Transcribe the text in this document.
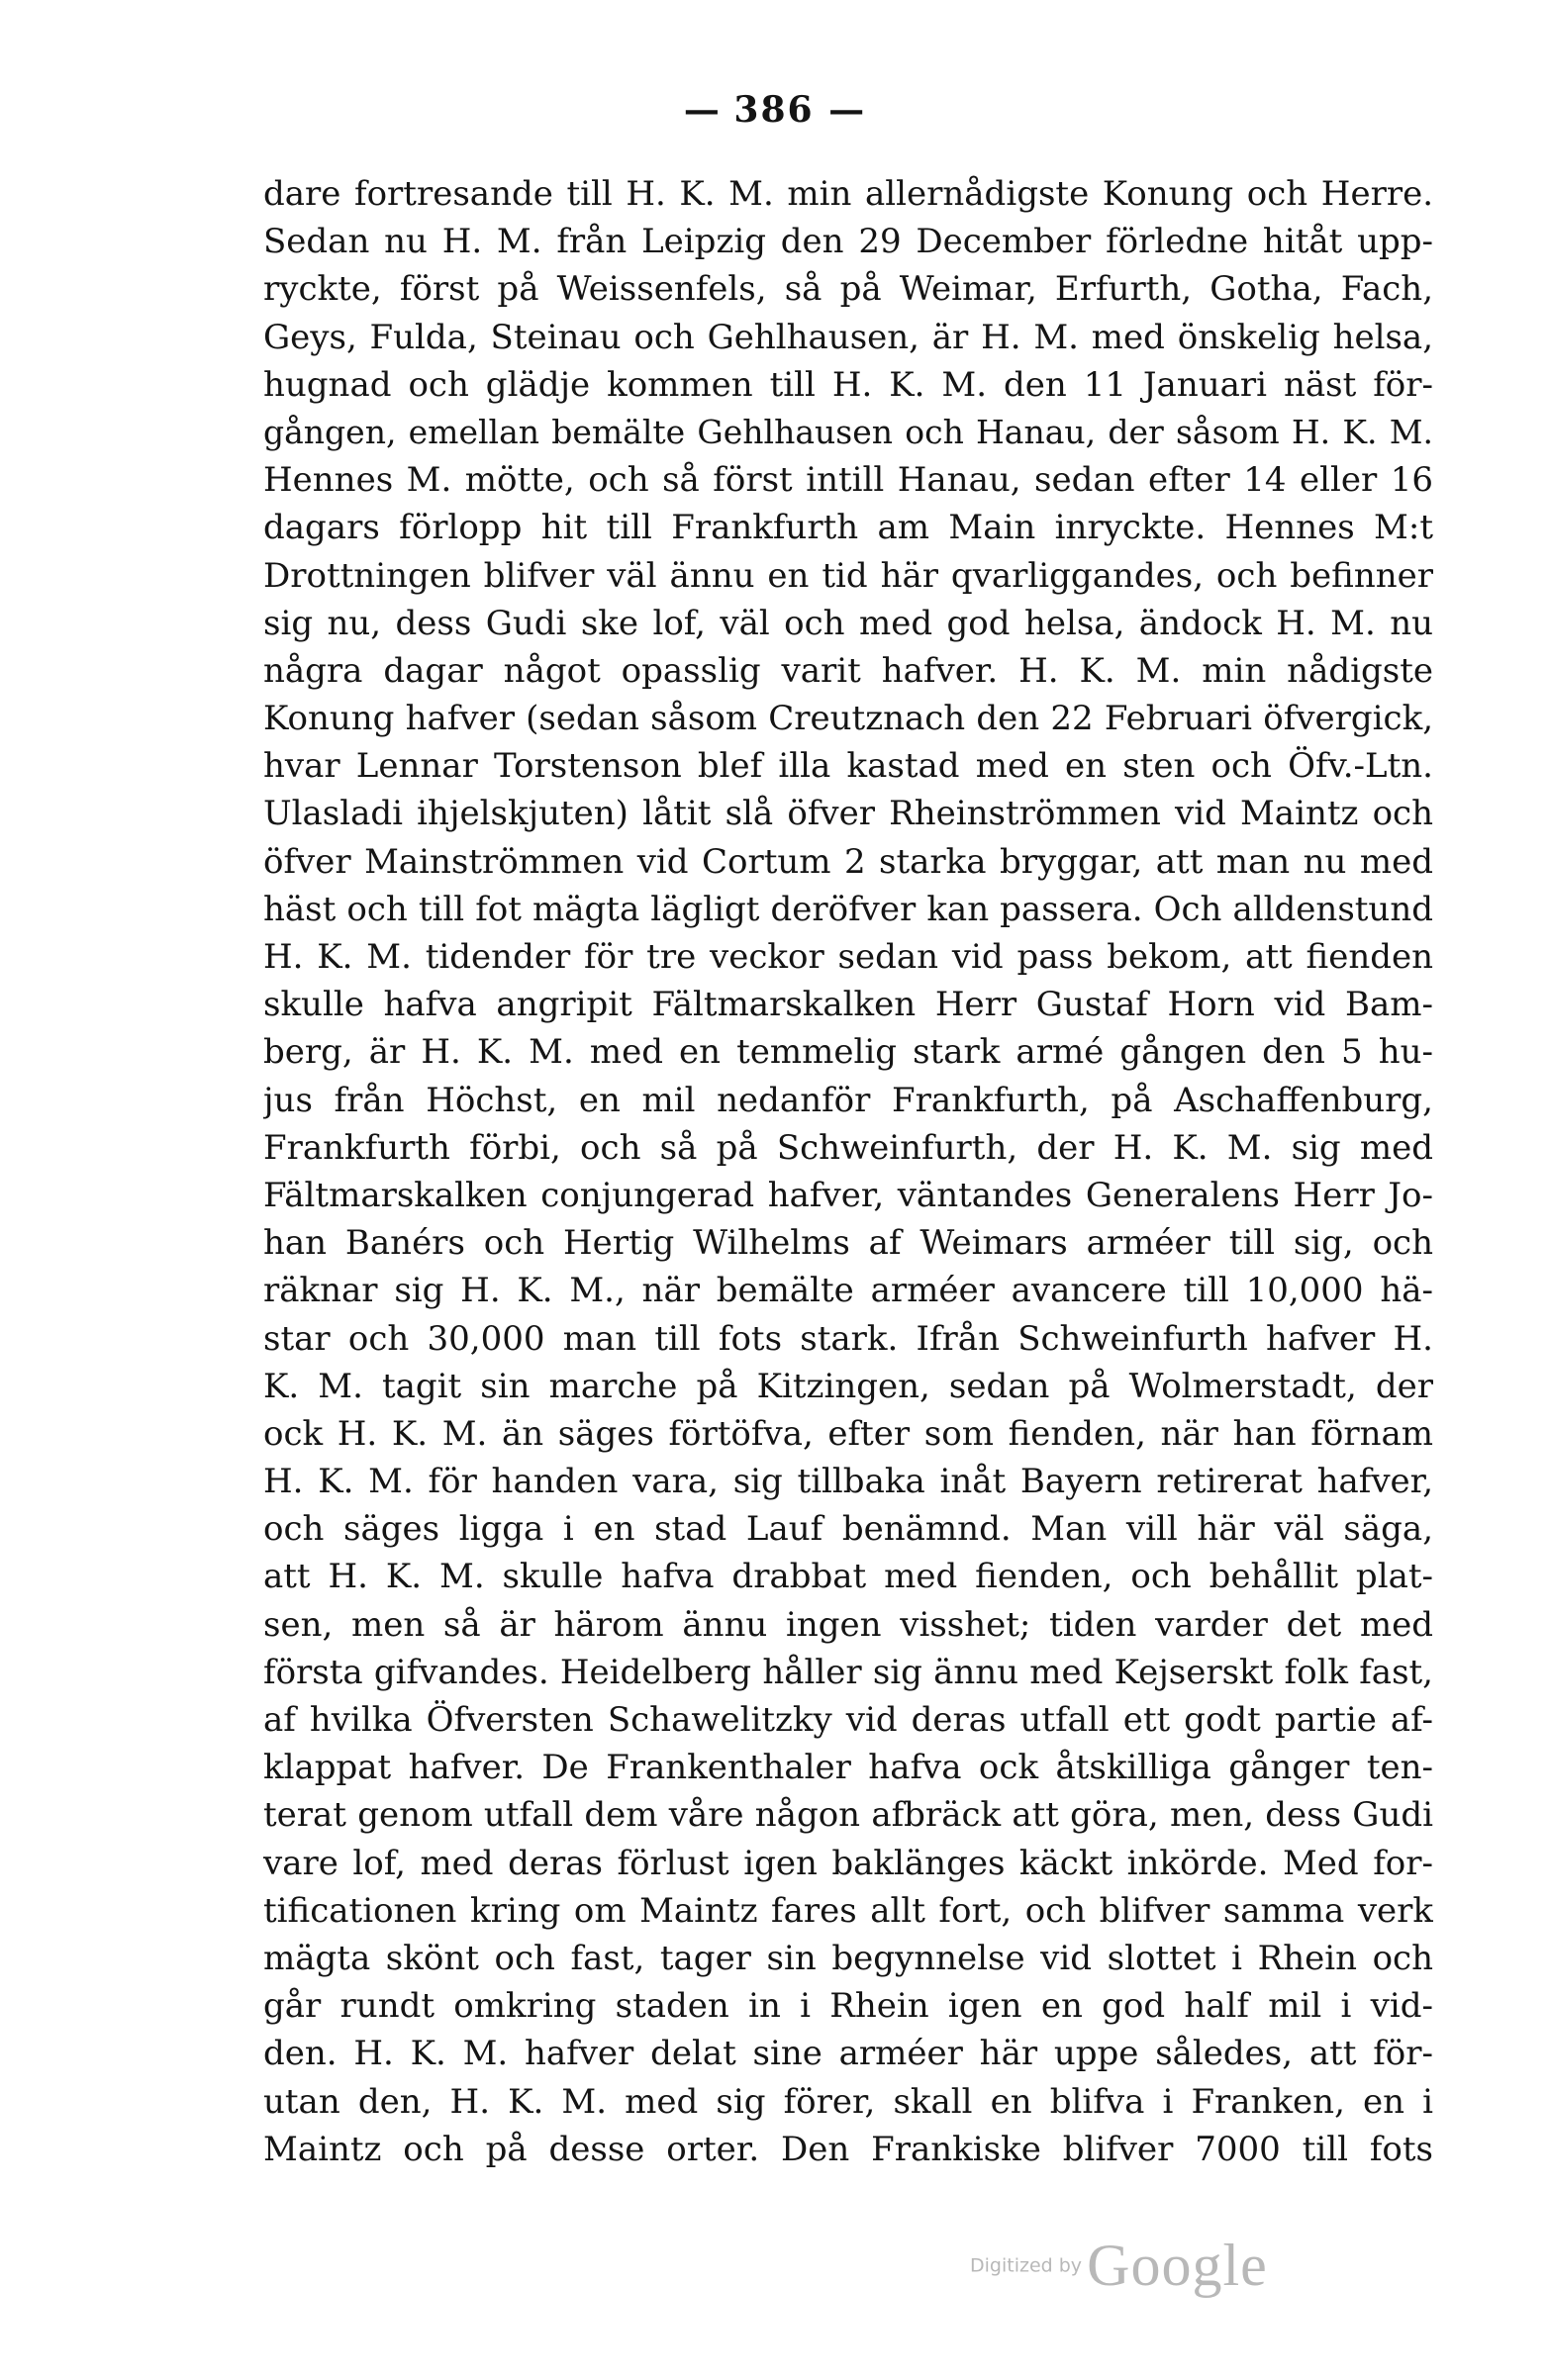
— 386 —
dare fortresande till H. K. M. min allernådigste Konung och Herre.
Sedan nu H. M. från Leipzig den 29 December förledne hitåt upp-
ryckte, först på Weissenfels, så på Weimar, Erfurth, Gotha, Fach,
Geys, Fulda, Steinau och Gehlhausen, är H. M. med önskelig helsa,
hugnad och glädje kommen till H. K. M. den 11 Januari näst för-
gången, emellan bemälte Gehlhausen och Hanau, der såsom H. K. M.
Hennes M. mötte, och så först intill Hanau, sedan efter 14 eller 16
dagars förlopp hit till Frankfurth am Main inryckte. Hennes M:t
Drottningen blifver väl ännu en tid här qvarliggandes, och befinner
sig nu, dess Gudi ske lof, väl och med god helsa, ändock H. M. nu
några dagar något opasslig varit hafver. H. K. M. min nådigste
Konung hafver (sedan såsom Creutznach den 22 Februari öfvergick,
hvar Lennar Torstenson blef illa kastad med en sten och Öfv.-Ltn.
Ulasladi ihjelskjuten) låtit slå öfver Rheinströmmen vid Maintz och
öfver Mainströmmen vid Cortum 2 starka bryggar, att man nu med
häst och till fot mägta lägligt deröfver kan passera. Och alldenstund
H. K. M. tidender för tre veckor sedan vid pass bekom, att fienden
skulle hafva angripit Fältmarskalken Herr Gustaf Horn vid Bam-
berg, är H. K. M. med en temmelig stark armé gången den 5 hu-
jus från Höchst, en mil nedanför Frankfurth, på Aschaffenburg,
Frankfurth förbi, och så på Schweinfurth, der H. K. M. sig med
Fältmarskalken conjungerad hafver, väntandes Generalens Herr Jo-
han Banérs och Hertig Wilhelms af Weimars arméer till sig, och
räknar sig H. K. M., när bemälte arméer avancere till 10,000 hä-
star och 30,000 man till fots stark. Ifrån Schweinfurth hafver H.
K. M. tagit sin marche på Kitzingen, sedan på Wolmerstadt, der
ock H. K. M. än säges förtöfva, efter som fienden, när han förnam
H. K. M. för handen vara, sig tillbaka inåt Bayern retirerat hafver,
och säges ligga i en stad Lauf benämnd. Man vill här väl säga,
att H. K. M. skulle hafva drabbat med fienden, och behållit plat-
sen, men så är härom ännu ingen visshet; tiden varder det med
första gifvandes. Heidelberg håller sig ännu med Kejserskt folk fast,
af hvilka Öfversten Schawelitzky vid deras utfall ett godt partie af-
klappat hafver. De Frankenthaler hafva ock åtskilliga gånger ten-
terat genom utfall dem våre någon afbräck att göra, men, dess Gudi
vare lof, med deras förlust igen baklänges käckt inkörde. Med for-
tificationen kring om Maintz fares allt fort, och blifver samma verk
mägta skönt och fast, tager sin begynnelse vid slottet i Rhein och
går rundt omkring staden in i Rhein igen en god half mil i vid-
den. H. K. M. hafver delat sine arméer här uppe således, att för-
utan den, H. K. M. med sig förer, skall en blifva i Franken, en i
Maintz och på desse orter. Den Frankiske blifver 7000 till fots
Digitized by Google
